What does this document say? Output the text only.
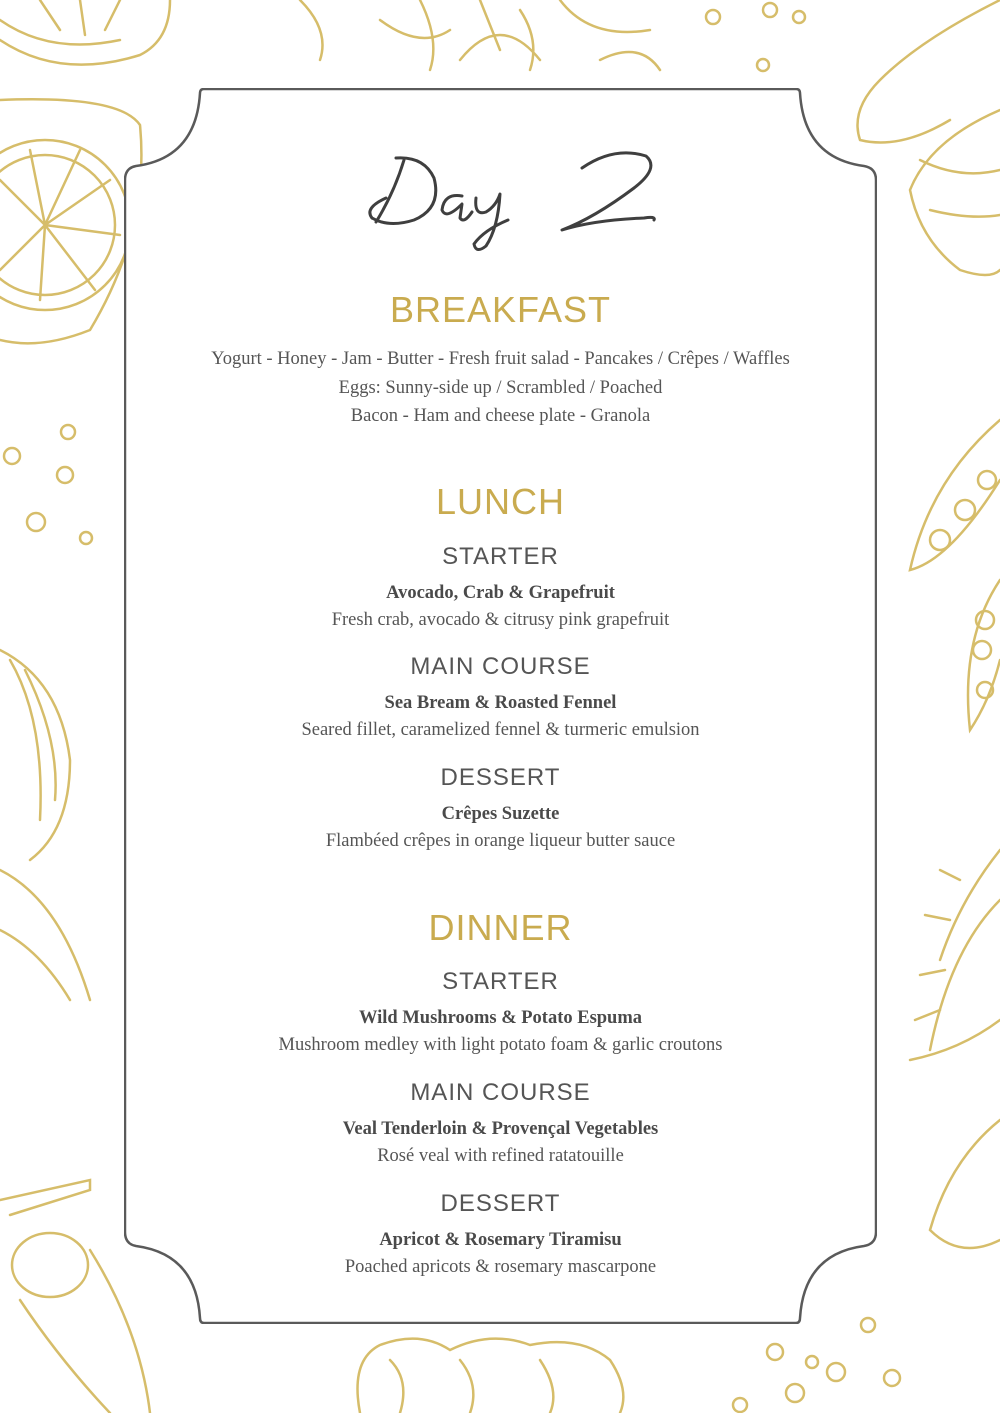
BREAKFAST
Yogurt - Honey - Jam - Butter - Fresh fruit salad - Pancakes / Crêpes / Waffles
Eggs: Sunny-side up / Scrambled / Poached
Bacon - Ham and cheese plate - Granola
LUNCH
STARTER
Avocado, Crab & Grapefruit
Fresh crab, avocado & citrusy pink grapefruit
MAIN COURSE
Sea Bream & Roasted Fennel
Seared fillet, caramelized fennel & turmeric emulsion
DESSERT
Crêpes Suzette
Flambéed crêpes in orange liqueur butter sauce
DINNER
STARTER
Wild Mushrooms & Potato Espuma
Mushroom medley with light potato foam & garlic croutons
MAIN COURSE
Veal Tenderloin & Provençal Vegetables
Rosé veal with refined ratatouille
DESSERT
Apricot & Rosemary Tiramisu
Poached apricots & rosemary mascarpone
